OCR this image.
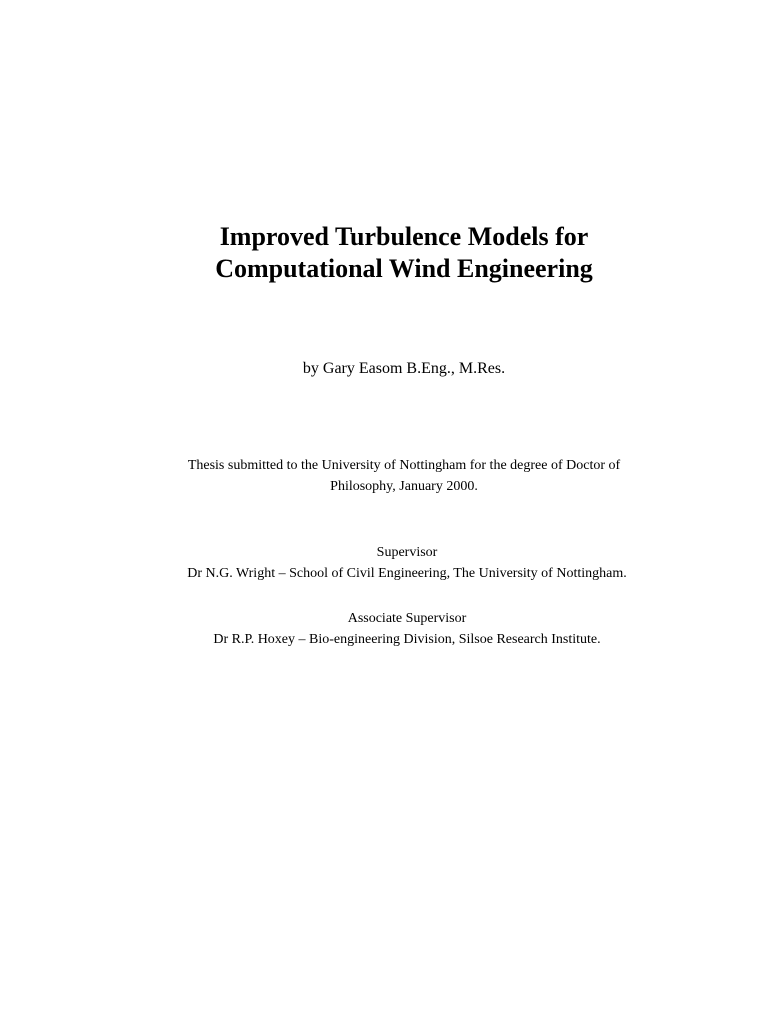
Improved Turbulence Models for
Computational Wind Engineering
by Gary Easom B.Eng., M.Res.
Thesis submitted to the University of Nottingham for the degree of Doctor of
Philosophy, January 2000.
Supervisor
Dr N.G. Wright – School of Civil Engineering, The University of Nottingham.
Associate Supervisor
Dr R.P. Hoxey – Bio-engineering Division, Silsoe Research Institute.
